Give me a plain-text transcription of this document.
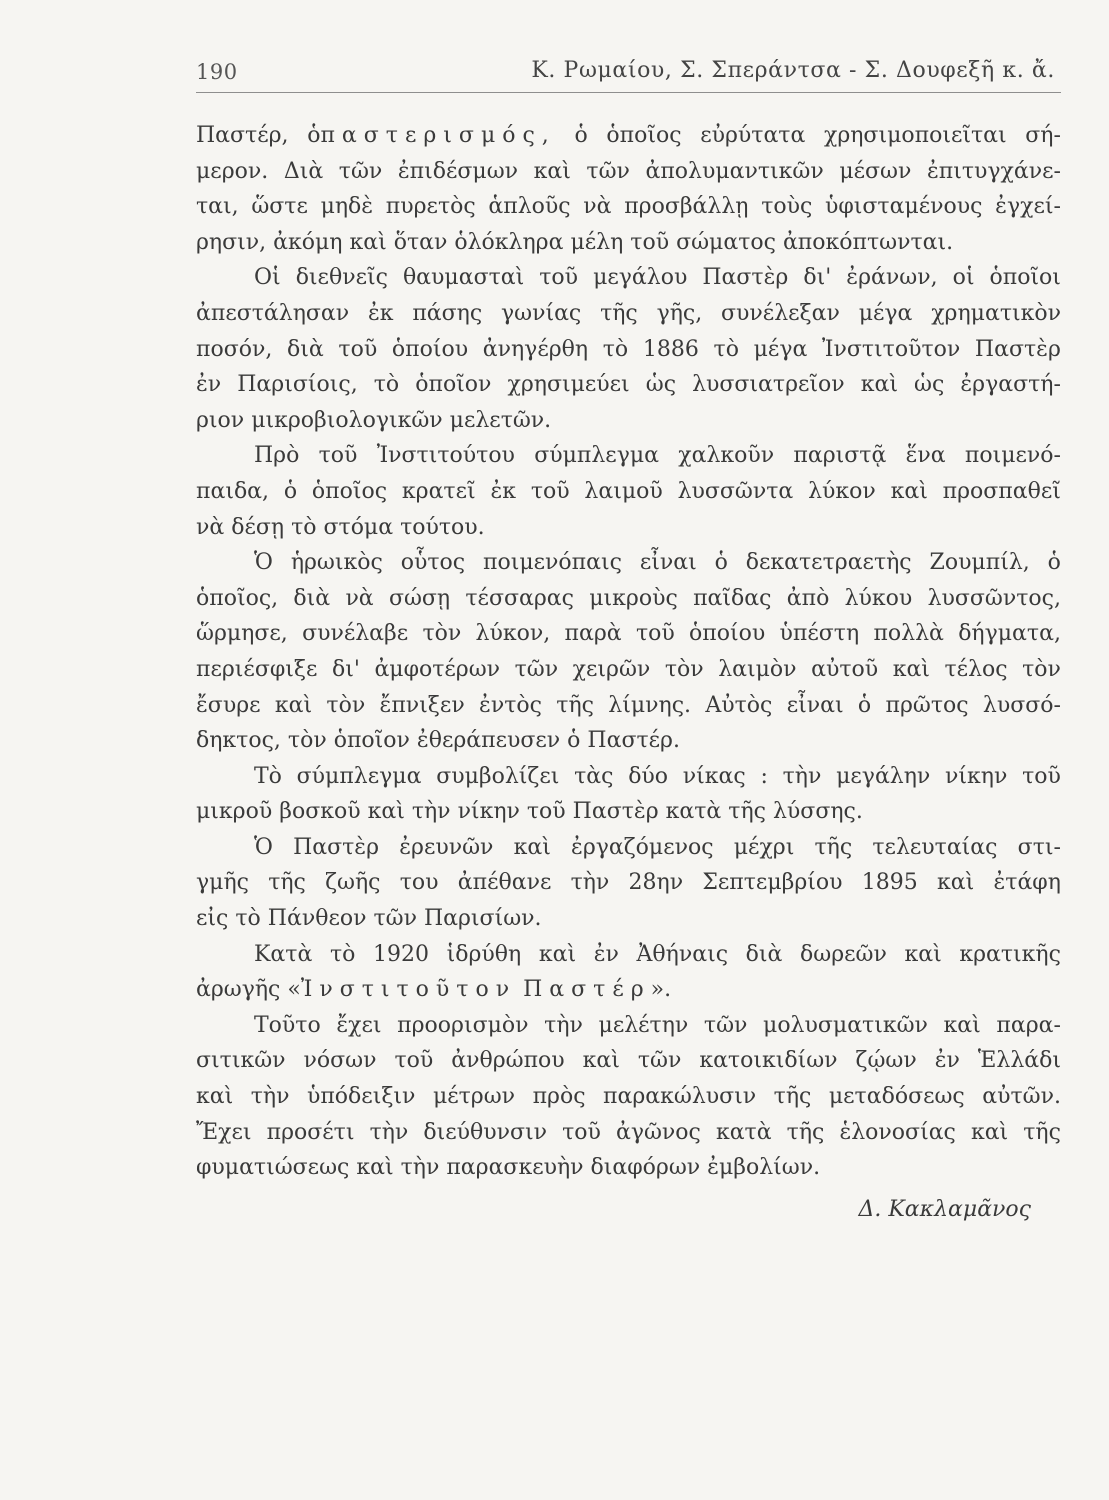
190	Κ. Ρωμαίου, Σ. Σπεράντσα - Σ. Δουφεξῆ κ. ἄ.
Παστέρ, ὁπαστερισμός, ὁ ὁποῖος εὐρύτατα χρησιμοποιεῖται σή-
μερον. Διὰ τῶν ἐπιδέσμων καὶ τῶν ἀπολυμαντικῶν μέσων ἐπιτυγχάνε-
ται, ὥστε μηδὲ πυρετὸς ἁπλοῦς νὰ προσβάλλῃ τοὺς ὑφισταμένους ἐγχεί-
ρησιν, ἀκόμη καὶ ὅταν ὁλόκληρα μέλη τοῦ σώματος ἀποκόπτωνται.
Οἱ διεθνεῖς θαυμασταὶ τοῦ μεγάλου Παστὲρ δι' ἐράνων, οἱ ὁποῖοι
ἀπεστάλησαν ἐκ πάσης γωνίας τῆς γῆς, συνέλεξαν μέγα χρηματικὸν
ποσόν, διὰ τοῦ ὁποίου ἀνηγέρθη τὸ 1886 τὸ μέγα Ἰνστιτοῦτον Παστὲρ
ἐν Παρισίοις, τὸ ὁποῖον χρησιμεύει ὡς λυσσιατρεῖον καὶ ὡς ἐργαστή-
ριον μικροβιολογικῶν μελετῶν.
Πρὸ τοῦ Ἰνστιτούτου σύμπλεγμα χαλκοῦν παριστᾷ ἕνα ποιμενό-
παιδα, ὁ ὁποῖος κρατεῖ ἐκ τοῦ λαιμοῦ λυσσῶντα λύκον καὶ προσπαθεῖ
νὰ δέσῃ τὸ στόμα τούτου.
Ὁ ἡρωικὸς οὗτος ποιμενόπαις εἶναι ὁ δεκατετραετὴς Ζουμπίλ, ὁ
ὁποῖος, διὰ νὰ σώσῃ τέσσαρας μικροὺς παῖδας ἀπὸ λύκου λυσσῶντος,
ὥρμησε, συνέλαβε τὸν λύκον, παρὰ τοῦ ὁποίου ὑπέστη πολλὰ δήγματα,
περιέσφιξε δι' ἀμφοτέρων τῶν χειρῶν τὸν λαιμὸν αὐτοῦ καὶ τέλος τὸν
ἔσυρε καὶ τὸν ἔπνιξεν ἐντὸς τῆς λίμνης. Αὐτὸς εἶναι ὁ πρῶτος λυσσό-
δηκτος, τὸν ὁποῖον ἐθεράπευσεν ὁ Παστέρ.
Τὸ σύμπλεγμα συμβολίζει τὰς δύο νίκας : τὴν μεγάλην νίκην τοῦ
μικροῦ βοσκοῦ καὶ τὴν νίκην τοῦ Παστὲρ κατὰ τῆς λύσσης.
Ὁ Παστὲρ ἐρευνῶν καὶ ἐργαζόμενος μέχρι τῆς τελευταίας στι-
γμῆς τῆς ζωῆς του ἀπέθανε τὴν 28ην Σεπτεμβρίου 1895 καὶ ἐτάφη
εἰς τὸ Πάνθεον τῶν Παρισίων.
Κατὰ τὸ 1920 ἱδρύθη καὶ ἐν Ἀθήναις διὰ δωρεῶν καὶ κρατικῆς
ἀρωγῆς «Ἰνστιτοῦτον Παστέρ».
Τοῦτο ἔχει προορισμὸν τὴν μελέτην τῶν μολυσματικῶν καὶ παρα-
σιτικῶν νόσων τοῦ ἀνθρώπου καὶ τῶν κατοικιδίων ζῴων ἐν Ἑλλάδι
καὶ τὴν ὑπόδειξιν μέτρων πρὸς παρακώλυσιν τῆς μεταδόσεως αὐτῶν.
Ἔχει προσέτι τὴν διεύθυνσιν τοῦ ἀγῶνος κατὰ τῆς ἑλονοσίας καὶ τῆς
φυματιώσεως καὶ τὴν παρασκευὴν διαφόρων ἐμβολίων.
Δ. Κακλαμᾶνος
